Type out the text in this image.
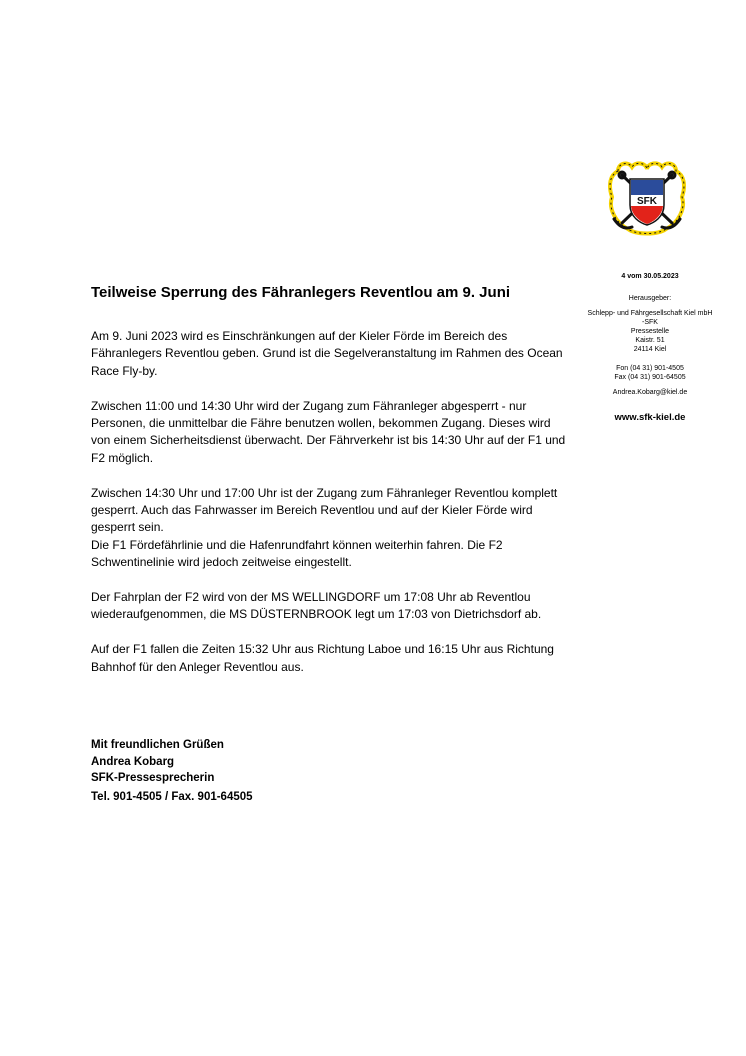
SFK
4 vom 30.05.2023
Herausgeber:
Schlepp- und Fährgesellschaft Kiel mbH
-SFK
Pressestelle
Kaistr. 51
24114 Kiel
Fon (04 31) 901-4505
Fax (04 31) 901-64505
Andrea.Kobarg@kiel.de
www.sfk-kiel.de
Teilweise Sperrung des Fähranlegers Reventlou am 9. Juni

Am 9. Juni 2023 wird es Einschränkungen auf der Kieler Förde im Bereich des Fähranlegers Reventlou geben. Grund ist die Segelveranstaltung im Rahmen des Ocean Race Fly-by.

Zwischen 11:00 und 14:30 Uhr wird der Zugang zum Fähranleger abgesperrt - nur Personen, die unmittelbar die Fähre benutzen wollen, bekommen Zugang. Dieses wird von einem Sicherheitsdienst überwacht. Der Fährverkehr ist bis 14:30 Uhr auf der F1 und F2 möglich.

Zwischen 14:30 Uhr und 17:00 Uhr ist der Zugang zum Fähranleger Reventlou komplett gesperrt. Auch das Fahrwasser im Bereich Reventlou und auf der Kieler Förde wird gesperrt sein.

Die F1 Fördefährlinie und die Hafenrundfahrt können weiterhin fahren. Die F2 Schwentinelinie wird jedoch zeitweise eingestellt.

Der Fahrplan der F2 wird von der MS WELLINGDORF um 17:08 Uhr ab Reventlou wiederaufgenommen, die MS DÜSTERNBROOK legt um 17:03 von Dietrichsdorf ab.

Auf der F1 fallen die Zeiten 15:32 Uhr aus Richtung Laboe und 16:15 Uhr aus Richtung Bahnhof für den Anleger Reventlou aus.

Mit freundlichen Grüßen
Andrea Kobarg
SFK-Pressesprecherin
Tel. 901-4505 / Fax. 901-64505
